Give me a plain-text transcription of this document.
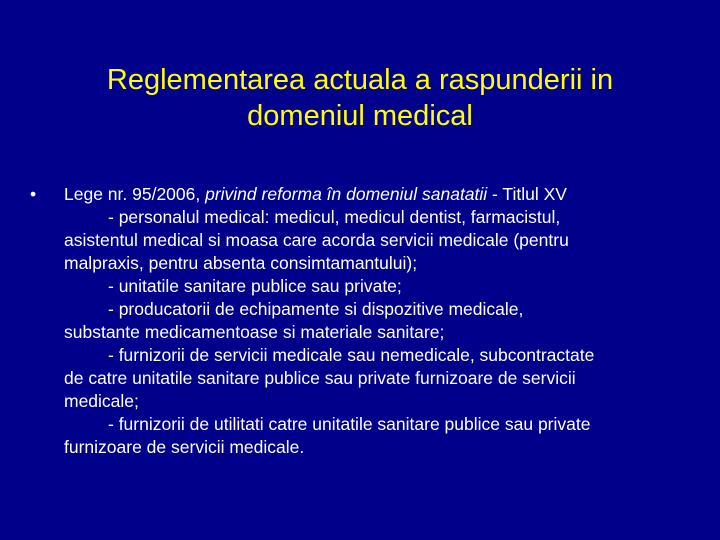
Reglementarea actuala a raspunderii in
domeniul medical
•	Lege nr. 95/2006, privind reforma în domeniul sanatatii - Titlul XV
- personalul medical: medicul, medicul dentist, farmacistul,
asistentul medical si moasa care acorda servicii medicale (pentru
malpraxis, pentru absenta consimtamantului);
- unitatile sanitare publice sau private;
- producatorii de echipamente si dispozitive medicale,
substante medicamentoase si materiale sanitare;
- furnizorii de servicii medicale sau nemedicale, subcontractate
de catre unitatile sanitare publice sau private furnizoare de servicii
medicale;
- furnizorii de utilitati catre unitatile sanitare publice sau private
furnizoare de servicii medicale.
